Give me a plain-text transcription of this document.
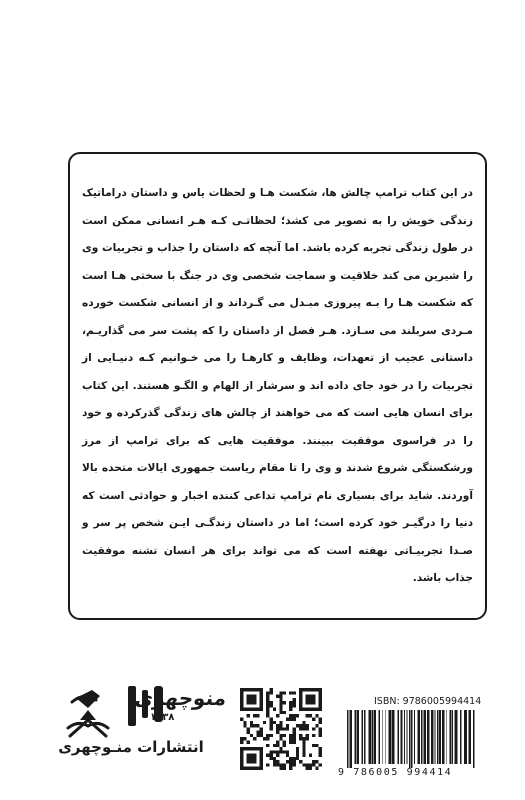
در این کتاب ترامپ چالش ها، شکست هـا و لحظات یاس و داستان دراماتیک زندگی خویش را به تصویر می کشد؛ لحظاتـی کـه هـر انسانی ممکن است در طول زندگی تجربه کرده باشد. اما آنچه که داستان را جذاب و تجربیات وی را شیرین می کند خلاقیت و سماجت شخصی وی در جنگ با سختی هـا است که شکست هـا را بـه پیروزی مبـدل می گـرداند و از انسانی شکست خورده مـردی سربلند می سـازد. هـر فصل از داستان را که پشت سر می گذاریـم، داستانی عجیب از تعهدات، وظایف و کارهـا را می خـوانیم کـه دنیـایی از تجربیات را در خود جای داده اند و سرشار از الهام و الگـو هستند. این کتاب برای انسان هایی است که می خواهند از چالش های زندگی گذرکرده و خود را در فراسوی موفقیت ببینند. موفقیت هایی که برای ترامپ از مرز ورشکستگی شروع شدند و وی را تا مقام ریاست جمهوری ایالات متحده بالا آوردند. شاید برای بسیاری نام ترامپ تداعی کننده اخبار و حوادثی است که دنیا را درگیـر خود کرده است؛ اما در داستان زندگـی ایـن شخص پر سر و صـدا تجربیـاتی نهفته است که می تواند برای هر انسان تشنه موفقیت جذاب باشد.

منوچهری
۱۳۳۸
انتشارات منـوچهری
ISBN: 9786005994414
9 786005 994414
